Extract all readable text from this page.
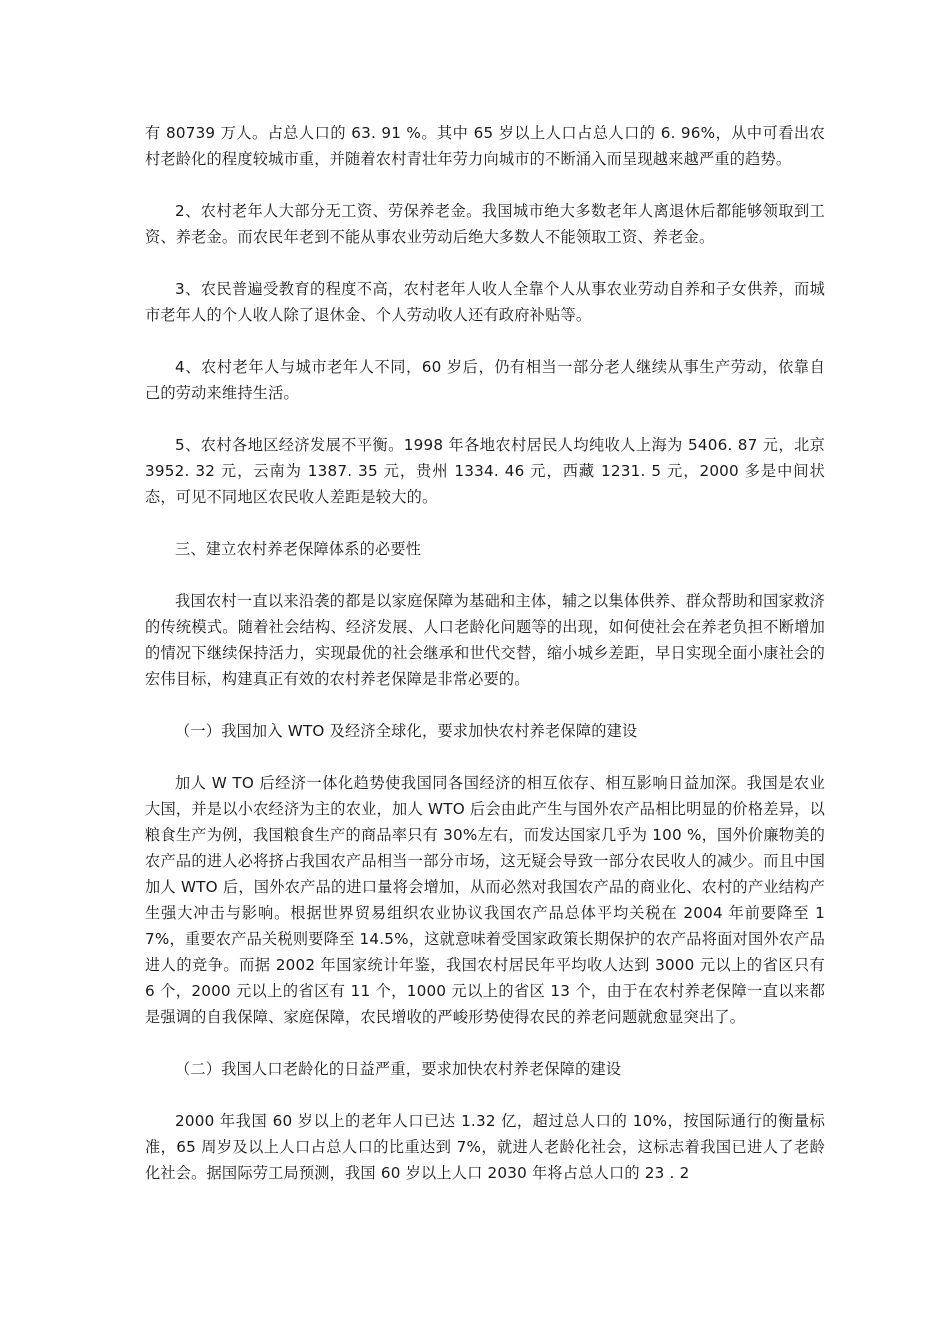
有 80739 万人。占总人口的 63. 91 %。其中 65 岁以上人口占总人口的 6. 96%，从中可看出农村老龄化的程度较城市重，并随着农村青壮年劳力向城市的不断涌入而呈现越来越严重的趋势。

2、农村老年人大部分无工资、劳保养老金。我国城市绝大多数老年人离退休后都能够领取到工资、养老金。而农民年老到不能从事农业劳动后绝大多数人不能领取工资、养老金。

3、农民普遍受教育的程度不高，农村老年人收人全靠个人从事农业劳动自养和子女供养，而城市老年人的个人收人除了退休金、个人劳动收人还有政府补贴等。

4、农村老年人与城市老年人不同，60 岁后，仍有相当一部分老人继续从事生产劳动，依靠自己的劳动来维持生活。

5、农村各地区经济发展不平衡。1998 年各地农村居民人均纯收人上海为 5406. 87 元，北京 3952. 32 元，云南为 1387. 35 元，贵州 1334. 46 元，西藏 1231. 5 元，2000 多是中间状态，可见不同地区农民收人差距是较大的。

三、建立农村养老保障体系的必要性

我国农村一直以来沿袭的都是以家庭保障为基础和主体，辅之以集体供养、群众帮助和国家救济的传统模式。随着社会结构、经济发展、人口老龄化问题等的出现，如何使社会在养老负担不断增加的情况下继续保持活力，实现最优的社会继承和世代交替，缩小城乡差距，早日实现全面小康社会的宏伟目标，构建真正有效的农村养老保障是非常必要的。

（一）我国加入 WTO 及经济全球化，要求加快农村养老保障的建设

加人 W TO 后经济一体化趋势使我国同各国经济的相互依存、相互影响日益加深。我国是农业大国，并是以小农经济为主的农业，加人 WTO 后会由此产生与国外农产品相比明显的价格差异，以粮食生产为例，我国粮食生产的商品率只有 30%左右，而发达国家几乎为 100 %，国外价廉物美的农产品的进人必将挤占我国农产品相当一部分市场，这无疑会导致一部分农民收人的减少。而且中国加人 WTO 后，国外农产品的进口量将会增加，从而必然对我国农产品的商业化、农村的产业结构产生强大冲击与影响。根据世界贸易组织农业协议我国农产品总体平均关税在 2004 年前要降至 17%，重要农产品关税则要降至 14.5%，这就意味着受国家政策长期保护的农产品将面对国外农产品进人的竞争。而据 2002 年国家统计年鉴，我国农村居民年平均收人达到 3000 元以上的省区只有 6 个，2000 元以上的省区有 11 个，1000 元以上的省区 13 个，由于在农村养老保障一直以来都是强调的自我保障、家庭保障，农民增收的严峻形势使得农民的养老问题就愈显突出了。

（二）我国人口老龄化的日益严重，要求加快农村养老保障的建设

2000 年我国 60 岁以上的老年人口已达 1.32 亿，超过总人口的 10%，按国际通行的衡量标准，65 周岁及以上人口占总人口的比重达到 7%，就进人老龄化社会，这标志着我国已进人了老龄化社会。据国际劳工局预测，我国 60 岁以上人口 2030 年将占总人口的 23 . 2
